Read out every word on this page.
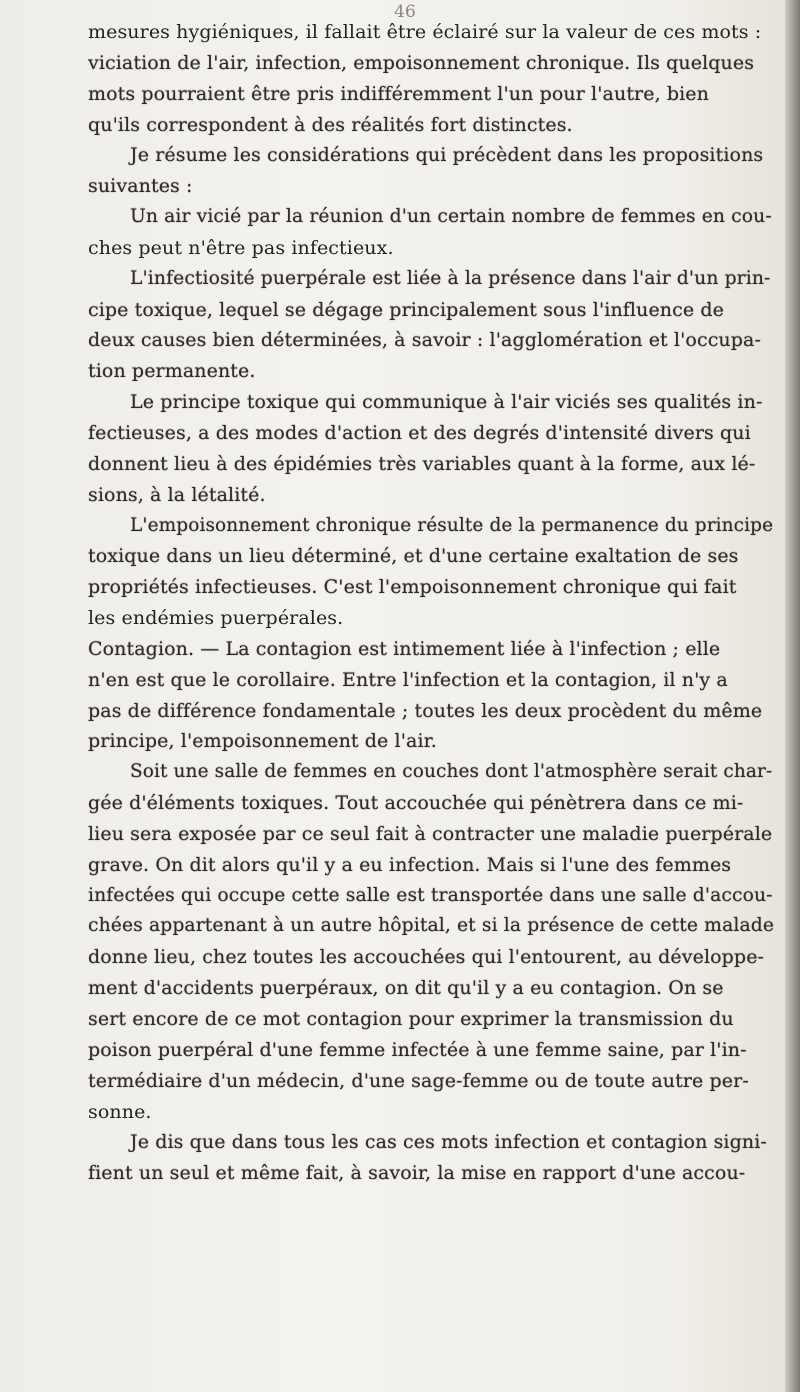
46
mesures hygiéniques, il fallait être éclairé sur la valeur de ces mots :
viciation de l'air, infection, empoisonnement chronique. Ils quelques
mots pourraient être pris indifféremment l'un pour l'autre, bien
qu'ils correspondent à des réalités fort distinctes.
Je résume les considérations qui précèdent dans les propositions
suivantes :
Un air vicié par la réunion d'un certain nombre de femmes en cou-
ches peut n'être pas infectieux.
L'infectiosité puerpérale est liée à la présence dans l'air d'un prin-
cipe toxique, lequel se dégage principalement sous l'influence de
deux causes bien déterminées, à savoir : l'agglomération et l'occupa-
tion permanente.
Le principe toxique qui communique à l'air viciés ses qualités in-
fectieuses, a des modes d'action et des degrés d'intensité divers qui
donnent lieu à des épidémies très variables quant à la forme, aux lé-
sions, à la létalité.
L'empoisonnement chronique résulte de la permanence du principe
toxique dans un lieu déterminé, et d'une certaine exaltation de ses
propriétés infectieuses. C'est l'empoisonnement chronique qui fait
les endémies puerpérales.
Contagion. — La contagion est intimement liée à l'infection ; elle
n'en est que le corollaire. Entre l'infection et la contagion, il n'y a
pas de différence fondamentale ; toutes les deux procèdent du même
principe, l'empoisonnement de l'air.
Soit une salle de femmes en couches dont l'atmosphère serait char-
gée d'éléments toxiques. Tout accouchée qui pénètrera dans ce mi-
lieu sera exposée par ce seul fait à contracter une maladie puerpérale
grave. On dit alors qu'il y a eu infection. Mais si l'une des femmes
infectées qui occupe cette salle est transportée dans une salle d'accou-
chées appartenant à un autre hôpital, et si la présence de cette malade
donne lieu, chez toutes les accouchées qui l'entourent, au développe-
ment d'accidents puerpéraux, on dit qu'il y a eu contagion. On se
sert encore de ce mot contagion pour exprimer la transmission du
poison puerpéral d'une femme infectée à une femme saine, par l'in-
termédiaire d'un médecin, d'une sage-femme ou de toute autre per-
sonne.
Je dis que dans tous les cas ces mots infection et contagion signi-
fient un seul et même fait, à savoir, la mise en rapport d'une accou-
